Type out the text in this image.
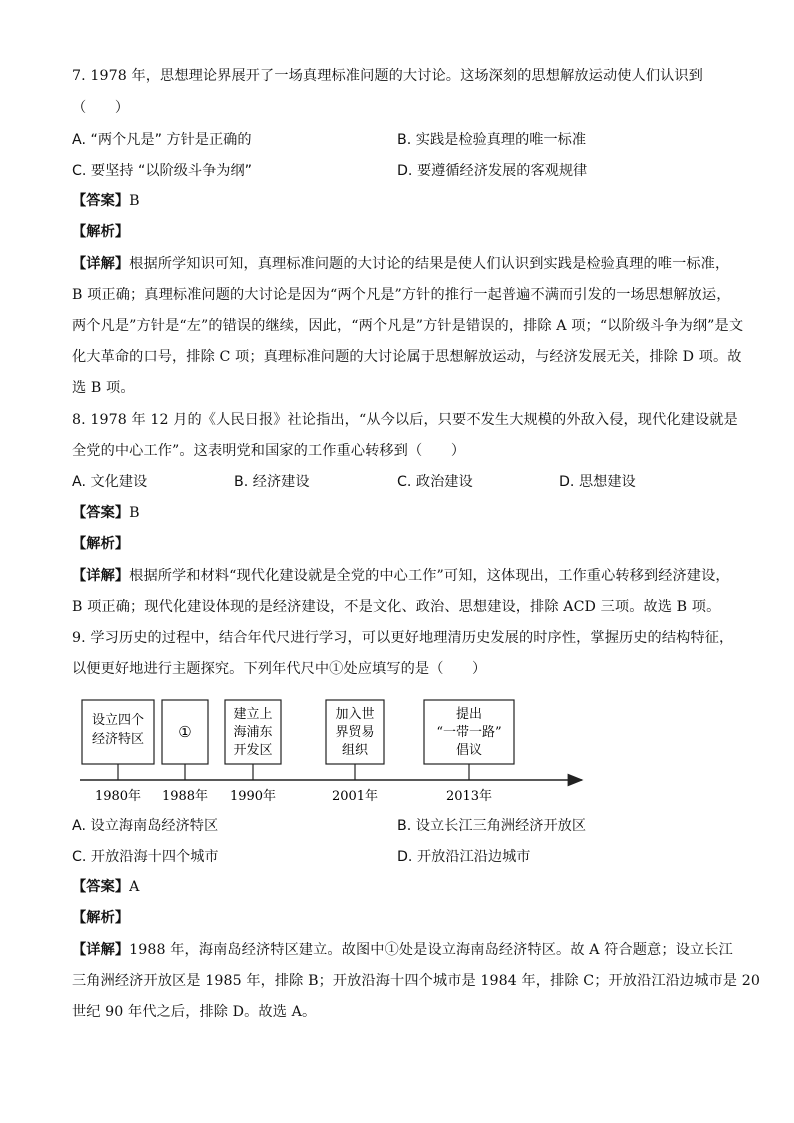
7. 1978 年，思想理论界展开了一场真理标准问题的大讨论。这场深刻的思想解放运动使人们认识到
（　　）
A. “两个凡是” 方针是正确的	B. 实践是检验真理的唯一标准
C. 要坚持 “以阶级斗争为纲”	D. 要遵循经济发展的客观规律
【答案】B
【解析】
【详解】根据所学知识可知，真理标准问题的大讨论的结果是使人们认识到实践是检验真理的唯一标准，
B 项正确；真理标准问题的大讨论是因为“两个凡是”方针的推行一起普遍不满而引发的一场思想解放运，
两个凡是”方针是“左”的错误的继续，因此，“两个凡是”方针是错误的，排除 A 项；“以阶级斗争为纲”是文
化大革命的口号，排除 C 项；真理标准问题的大讨论属于思想解放运动，与经济发展无关，排除 D 项。故
选 B 项。
8. 1978 年 12 月的《人民日报》社论指出，“从今以后，只要不发生大规模的外敌入侵，现代化建设就是
全党的中心工作”。这表明党和国家的工作重心转移到（　　）
A. 文化建设	B. 经济建设	C. 政治建设	D. 思想建设
【答案】B
【解析】
【详解】根据所学和材料“现代化建设就是全党的中心工作”可知，这体现出，工作重心转移到经济建设，
B 项正确；现代化建设体现的是经济建设，不是文化、政治、思想建设，排除 ACD 三项。故选 B 项。
9. 学习历史的过程中，结合年代尺进行学习，可以更好地理清历史发展的时序性，掌握历史的结构特征，
以便更好地进行主题探究。下列年代尺中①处应填写的是（　　）
设立四个
经济特区
1980年
①
1988年
建立上
海浦东
开发区
1990年
加入世
界贸易
组织
2001年
提出
“一带一路”
倡议
2013年
A. 设立海南岛经济特区	B. 设立长江三角洲经济开放区
C. 开放沿海十四个城市	D. 开放沿江沿边城市
【答案】A
【解析】
【详解】1988 年，海南岛经济特区建立。故图中①处是设立海南岛经济特区。故 A 符合题意；设立长江
三角洲经济开放区是 1985 年，排除 B；开放沿海十四个城市是 1984 年，排除 C；开放沿江沿边城市是 20
世纪 90 年代之后，排除 D。故选 A。
